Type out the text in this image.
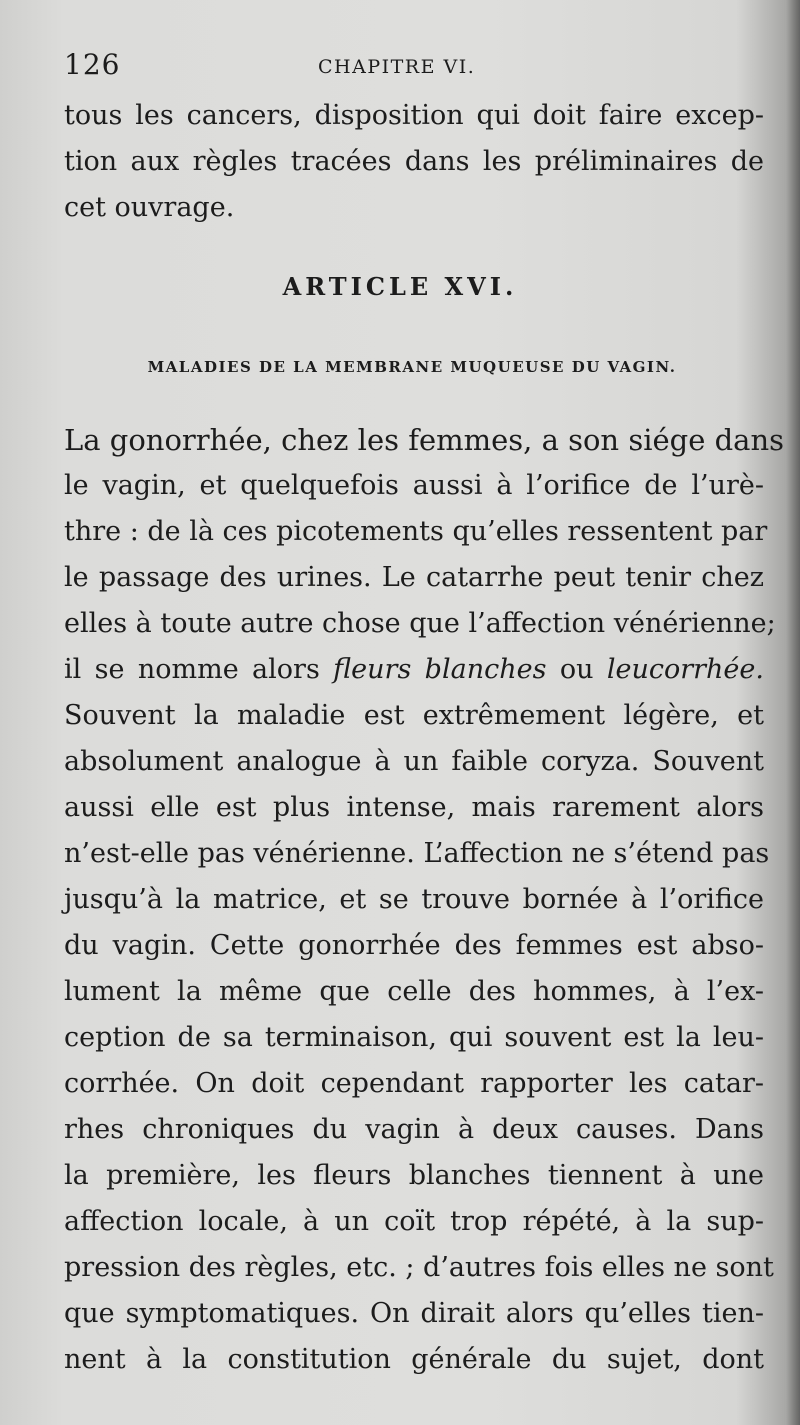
126	CHAPITRE VI.
tous les cancers, disposition qui doit faire excep-
tion aux règles tracées dans les préliminaires de
cet ouvrage.
ARTICLE XVI.
MALADIES DE LA MEMBRANE MUQUEUSE DU VAGIN.
La gonorrhée, chez les femmes, a son siége dans
le vagin, et quelquefois aussi à l’orifice de l’urè-
thre : de là ces picotements qu’elles ressentent par
le passage des urines. Le catarrhe peut tenir chez
elles à toute autre chose que l’affection vénérienne;
il se nomme alors fleurs blanches ou leucorrhée.
Souvent la maladie est extrêmement légère, et
absolument analogue à un faible coryza. Souvent
aussi elle est plus intense, mais rarement alors
n’est-elle pas vénérienne. L’affection ne s’étend pas
jusqu’à la matrice, et se trouve bornée à l’orifice
du vagin. Cette gonorrhée des femmes est abso-
lument la même que celle des hommes, à l’ex-
ception de sa terminaison, qui souvent est la leu-
corrhée. On doit cependant rapporter les catar-
rhes chroniques du vagin à deux causes. Dans
la première, les fleurs blanches tiennent à une
affection locale, à un coït trop répété, à la sup-
pression des règles, etc. ; d’autres fois elles ne sont
que symptomatiques. On dirait alors qu’elles tien-
nent à la constitution générale du sujet, dont
